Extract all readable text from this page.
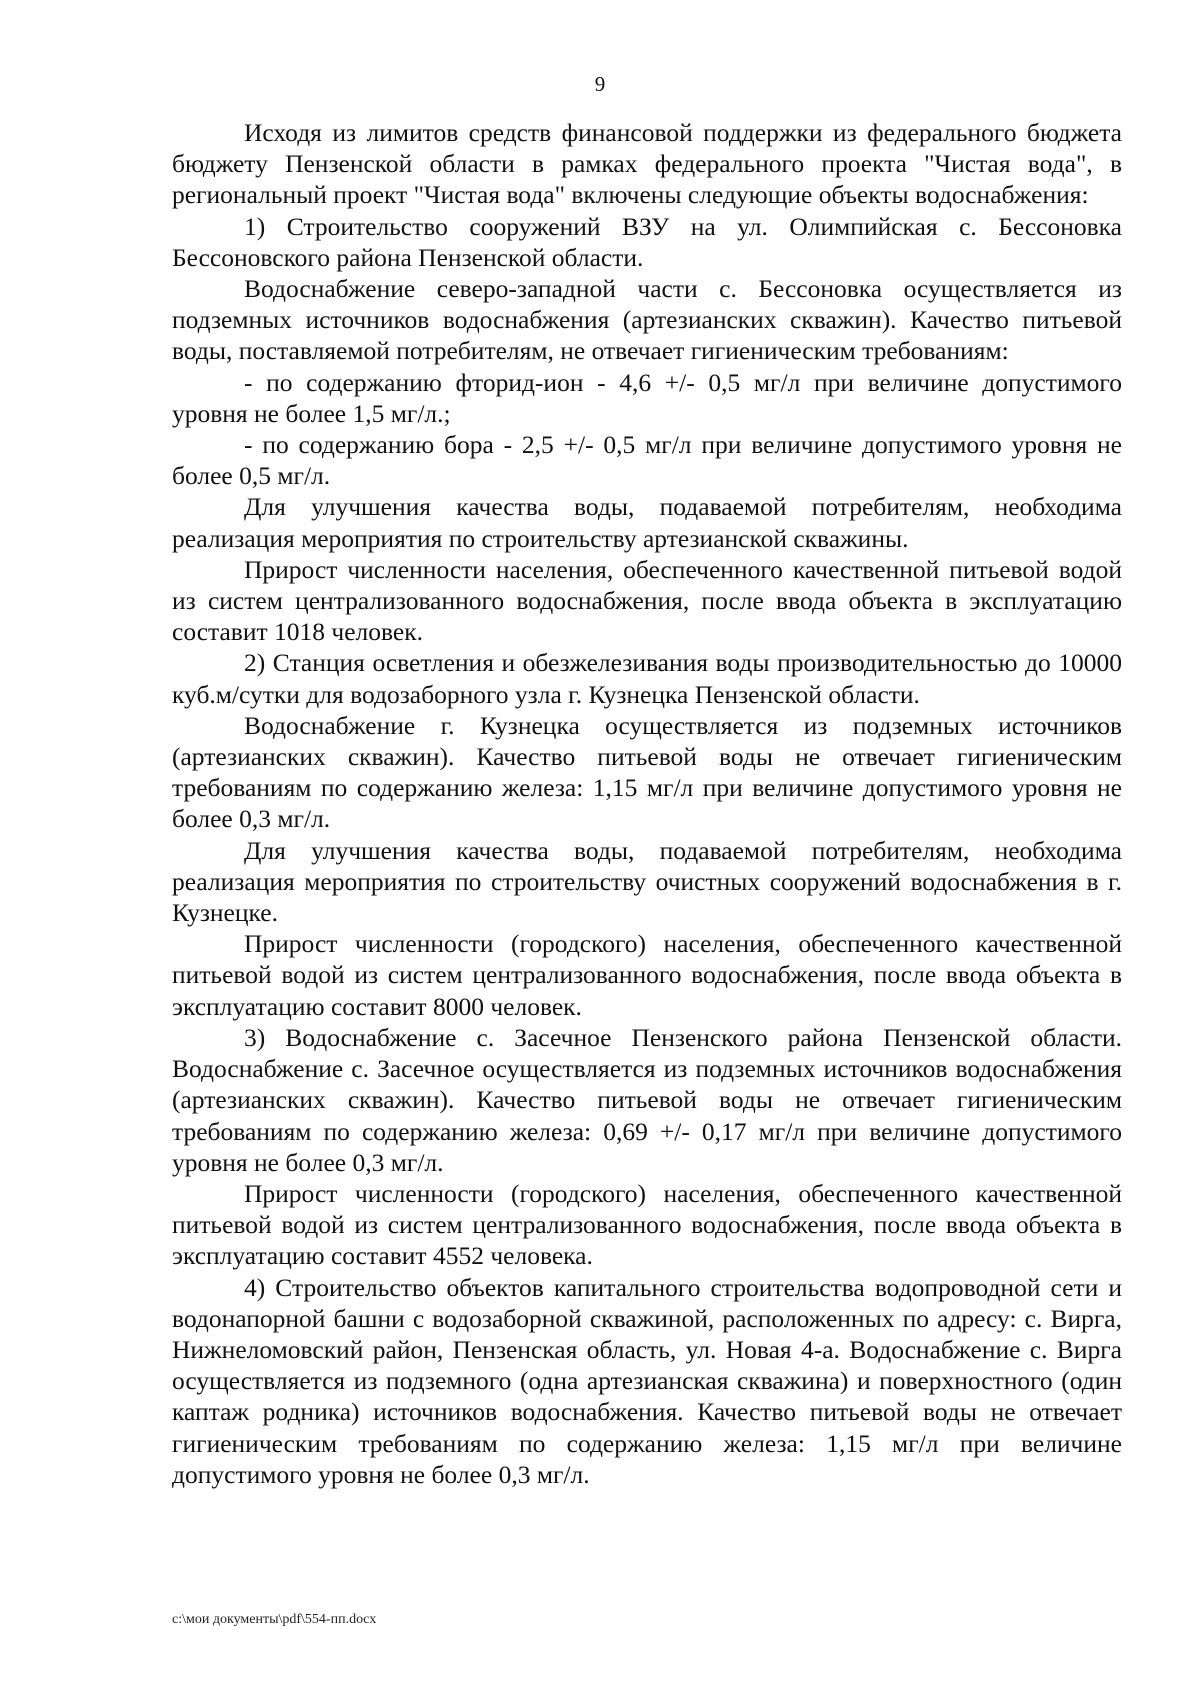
9

Исходя из лимитов средств финансовой поддержки из федерального бюджета бюджету Пензенской области в рамках федерального проекта "Чистая вода", в региональный проект "Чистая вода" включены следующие объекты водоснабжения:

1) Строительство сооружений ВЗУ на ул. Олимпийская с. Бессоновка Бессоновского района Пензенской области.

Водоснабжение северо-западной части с. Бессоновка осуществляется из подземных источников водоснабжения (артезианских скважин). Качество питьевой воды, поставляемой потребителям, не отвечает гигиеническим требованиям:

- по содержанию фторид-ион - 4,6 +/- 0,5 мг/л при величине допустимого уровня не более 1,5 мг/л.;

- по содержанию бора - 2,5 +/- 0,5 мг/л при величине допустимого уровня не более 0,5 мг/л.

Для улучшения качества воды, подаваемой потребителям, необходима реализация мероприятия по строительству артезианской скважины.

Прирост численности населения, обеспеченного качественной питьевой водой из систем централизованного водоснабжения, после ввода объекта в эксплуатацию составит 1018 человек.

2) Станция осветления и обезжелезивания воды производительностью до 10000 куб.м/сутки для водозаборного узла г. Кузнецка Пензенской области.

Водоснабжение г. Кузнецка осуществляется из подземных источников (артезианских скважин). Качество питьевой воды не отвечает гигиеническим требованиям по содержанию железа: 1,15 мг/л при величине допустимого уровня не более 0,3 мг/л.

Для улучшения качества воды, подаваемой потребителям, необходима реализация мероприятия по строительству очистных сооружений водоснабжения в г. Кузнецке.

Прирост численности (городского) населения, обеспеченного качественной питьевой водой из систем централизованного водоснабжения, после ввода объекта в эксплуатацию составит 8000 человек.

3) Водоснабжение с. Засечное Пензенского района Пензенской области. Водоснабжение с. Засечное осуществляется из подземных источников водоснабжения (артезианских скважин). Качество питьевой воды не отвечает гигиеническим требованиям по содержанию железа: 0,69 +/- 0,17 мг/л при величине допустимого уровня не более 0,3 мг/л.

Прирост численности (городского) населения, обеспеченного качественной питьевой водой из систем централизованного водоснабжения, после ввода объекта в эксплуатацию составит 4552 человека.

4) Строительство объектов капитального строительства водопроводной сети и водонапорной башни с водозаборной скважиной, расположенных по адресу: с. Вирга, Нижнеломовский район, Пензенская область, ул. Новая 4-а. Водоснабжение с. Вирга осуществляется из подземного (одна артезианская скважина) и поверхностного (один каптаж родника) источников водоснабжения. Качество питьевой воды не отвечает гигиеническим требованиям по содержанию железа: 1,15 мг/л при величине допустимого уровня не более 0,3 мг/л.

c:\мои документы\pdf\554-пп.docx
